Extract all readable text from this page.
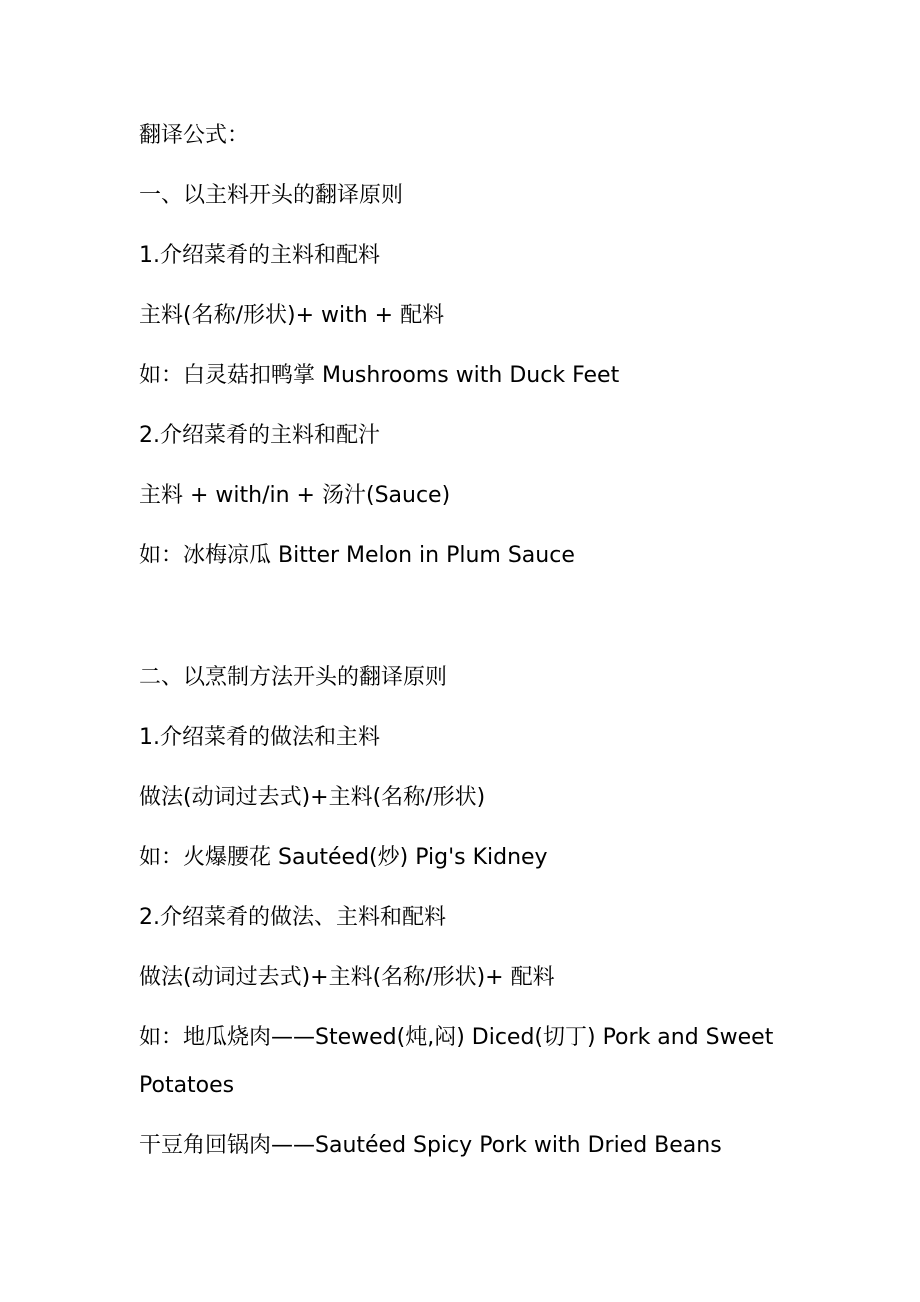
翻译公式：
一、以主料开头的翻译原则
1.介绍菜肴的主料和配料
主料(名称/形状)+ with + 配料
如：白灵菇扣鸭掌 Mushrooms with Duck Feet
2.介绍菜肴的主料和配汁
主料 + with/in + 汤汁(Sauce)
如：冰梅凉瓜 Bitter Melon in Plum Sauce
二、以烹制方法开头的翻译原则
1.介绍菜肴的做法和主料
做法(动词过去式)+主料(名称/形状)
如：火爆腰花 Sautéed(炒) Pig's Kidney
2.介绍菜肴的做法、主料和配料
做法(动词过去式)+主料(名称/形状)+ 配料
如：地瓜烧肉——Stewed(炖,闷) Diced(切丁) Pork and Sweet
Potatoes
干豆角回锅肉——Sautéed Spicy Pork with Dried Beans
